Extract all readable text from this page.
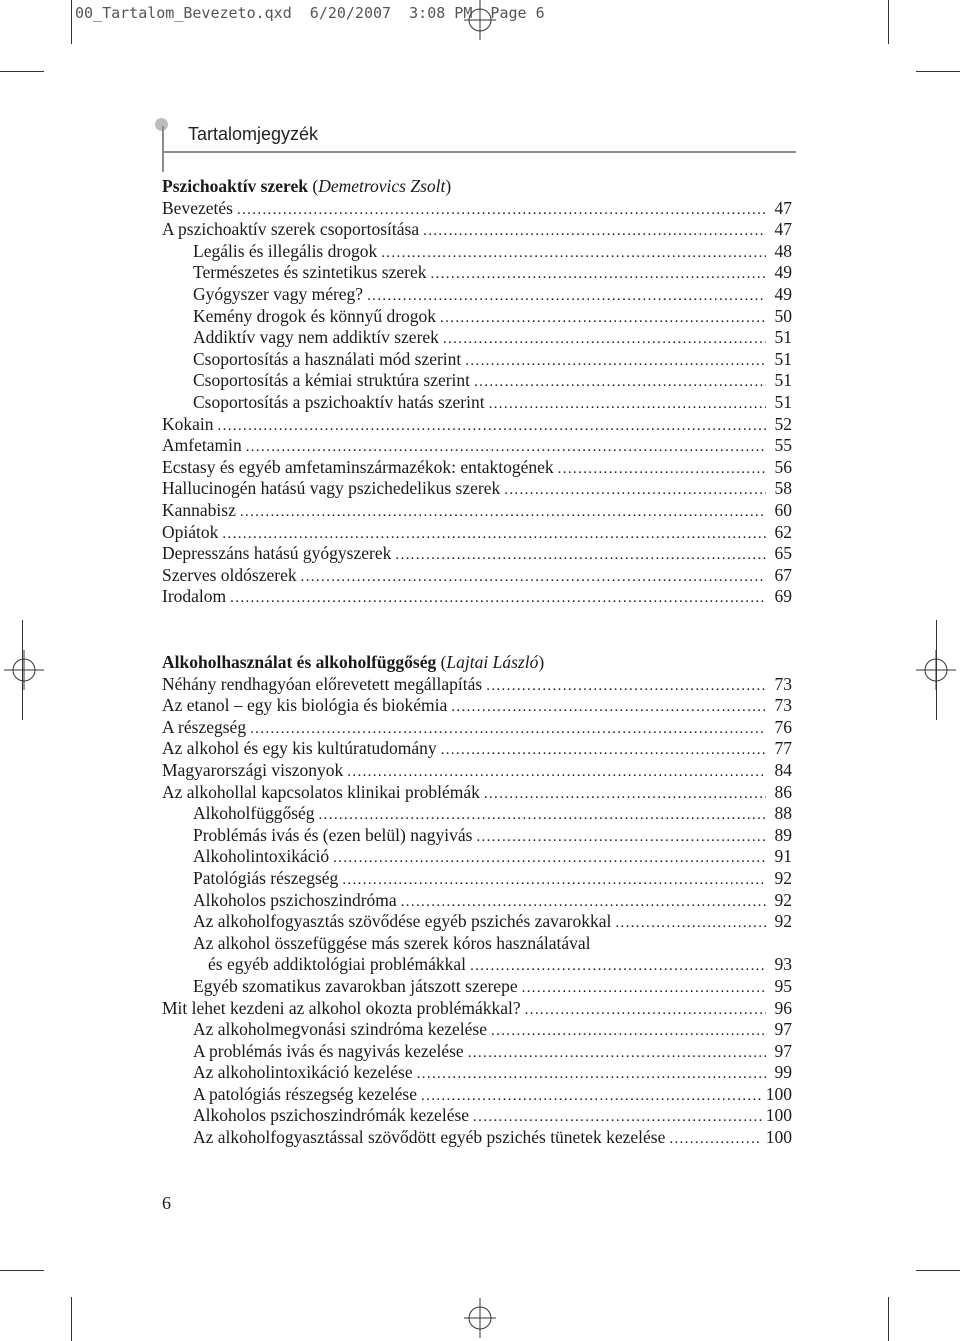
00_Tartalom_Bevezeto.qxd  6/20/2007  3:08 PM  Page 6
Tartalomjegyzék
Pszichoaktív szerek (Demetrovics Zsolt)
Bevezetés . . .	47
A pszichoaktív szerek csoportosítása . . .	47
Legális és illegális drogok . . .	48
Természetes és szintetikus szerek . . .	49
Gyógyszer vagy méreg? . . .	49
Kemény drogok és könnyű drogok . . .	50
Addiktív vagy nem addiktív szerek . . .	51
Csoportosítás a használati mód szerint . . .	51
Csoportosítás a kémiai struktúra szerint . . .	51
Csoportosítás a pszichoaktív hatás szerint . . .	51
Kokain . . .	52
Amfetamin . . .	55
Ecstasy és egyéb amfetaminszármazékok: entaktogének . . .	56
Hallucinogén hatású vagy pszichedelikus szerek . . .	58
Kannabisz . . .	60
Opiátok . . .	62
Depresszáns hatású gyógyszerek . . .	65
Szerves oldószerek . . .	67
Irodalom . . .	69
Alkoholhasználat és alkoholfüggőség (Lajtai László)
Néhány rendhagyóan előrevetett megállapítás . . .	73
Az etanol – egy kis biológia és biokémia . . .	73
A részegség . . .	76
Az alkohol és egy kis kultúratudomány . . .	77
Magyarországi viszonyok . . .	84
Az alkohollal kapcsolatos klinikai problémák . . .	86
Alkoholfüggőség . . .	88
Problémás ivás és (ezen belül) nagyivás . . .	89
Alkoholintoxikáció . . .	91
Patológiás részegség . . .	92
Alkoholos pszichoszindróma . . .	92
Az alkoholfogyasztás szövődése egyéb pszichés zavarokkal . . .	92
Az alkohol összefüggése más szerek kóros használatával
és egyéb addiktológiai problémákkal . . .	93
Egyéb szomatikus zavarokban játszott szerepe . . .	95
Mit lehet kezdeni az alkohol okozta problémákkal? . . .	96
Az alkoholmegvonási szindróma kezelése . . .	97
A problémás ivás és nagyivás kezelése . . .	97
Az alkoholintoxikáció kezelése . . .	99
A patológiás részegség kezelése . . .	100
Alkoholos pszichoszindrómák kezelése . . .	100
Az alkoholfogyasztással szövődött egyéb pszichés tünetek kezelése . . .	100
6
